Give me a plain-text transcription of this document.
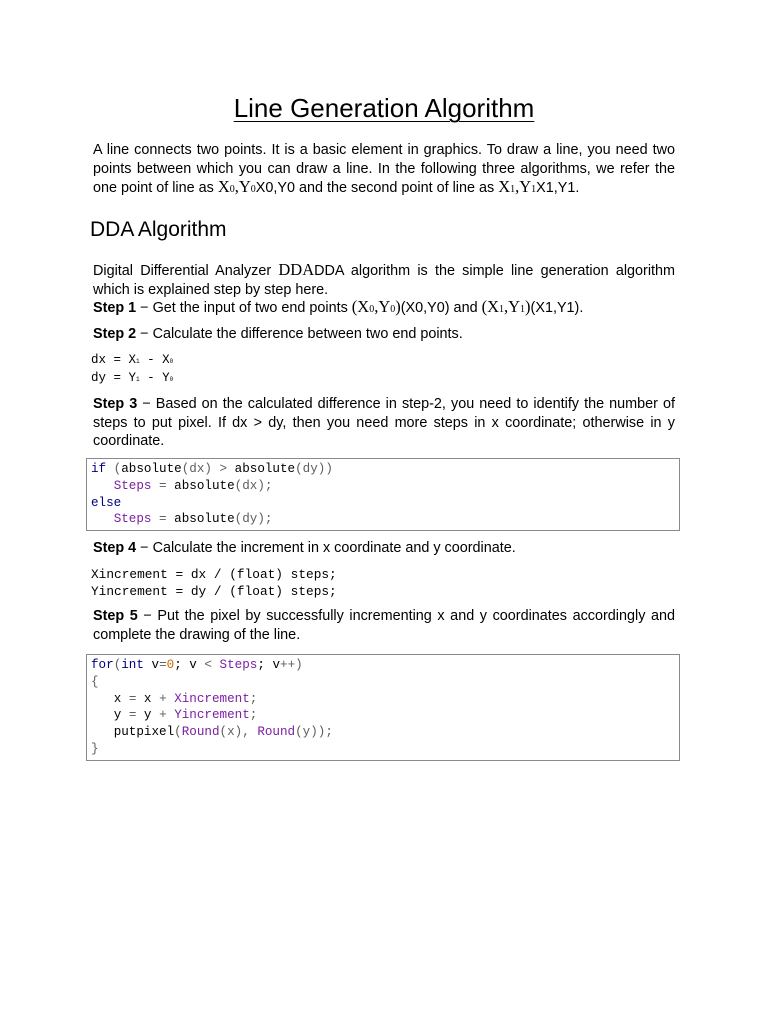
Line Generation Algorithm
A line connects two points. It is a basic element in graphics. To draw a line, you need two points between which you can draw a line. In the following three algorithms, we refer the one point of line as X0,Y0X0,Y0 and the second point of line as X1,Y1X1,Y1.
DDA Algorithm
Digital Differential Analyzer DDADDA algorithm is the simple line generation algorithm which is explained step by step here.
Step 1 − Get the input of two end points (X0,Y0)(X0,Y0) and (X1,Y1)(X1,Y1).
Step 2 − Calculate the difference between two end points.
dx = X1 - X0
dy = Y1 - Y0
Step 3 − Based on the calculated difference in step-2, you need to identify the number of steps to put pixel. If dx > dy, then you need more steps in x coordinate; otherwise in y coordinate.
if (absolute(dx) > absolute(dy))
Steps = absolute(dx);
else
Steps = absolute(dy);
Step 4 − Calculate the increment in x coordinate and y coordinate.
Xincrement = dx / (float) steps;
Yincrement = dy / (float) steps;
Step 5 − Put the pixel by successfully incrementing x and y coordinates accordingly and complete the drawing of the line.
for(int v=0; v < Steps; v++)
{
x = x + Xincrement;
y = y + Yincrement;
putpixel(Round(x), Round(y));
}
